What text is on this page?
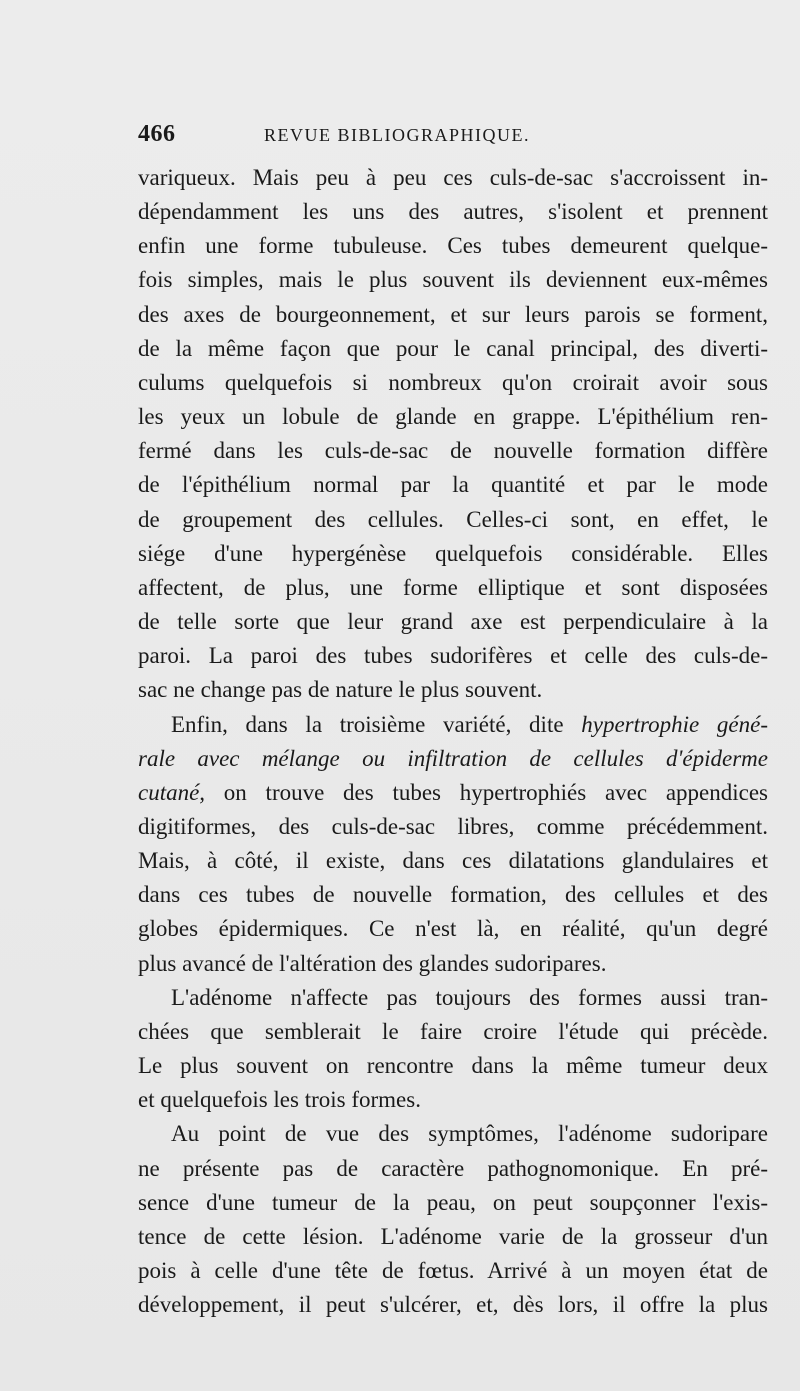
466	REVUE BIBLIOGRAPHIQUE.
variqueux. Mais peu à peu ces culs-de-sac s'accroissent in-
dépendamment les uns des autres, s'isolent et prennent
enfin une forme tubuleuse. Ces tubes demeurent quelque-
fois simples, mais le plus souvent ils deviennent eux-mêmes
des axes de bourgeonnement, et sur leurs parois se forment,
de la même façon que pour le canal principal, des diverti-
culums quelquefois si nombreux qu'on croirait avoir sous
les yeux un lobule de glande en grappe. L'épithélium ren-
fermé dans les culs-de-sac de nouvelle formation diffère
de l'épithélium normal par la quantité et par le mode
de groupement des cellules. Celles-ci sont, en effet, le
siége d'une hypergénèse quelquefois considérable. Elles
affectent, de plus, une forme elliptique et sont disposées
de telle sorte que leur grand axe est perpendiculaire à la
paroi. La paroi des tubes sudorifères et celle des culs-de-
sac ne change pas de nature le plus souvent.
Enfin, dans la troisième variété, dite hypertrophie géné-
rale avec mélange ou infiltration de cellules d'épiderme
cutané, on trouve des tubes hypertrophiés avec appendices
digitiformes, des culs-de-sac libres, comme précédemment.
Mais, à côté, il existe, dans ces dilatations glandulaires et
dans ces tubes de nouvelle formation, des cellules et des
globes épidermiques. Ce n'est là, en réalité, qu'un degré
plus avancé de l'altération des glandes sudoripares.
L'adénome n'affecte pas toujours des formes aussi tran-
chées que semblerait le faire croire l'étude qui précède.
Le plus souvent on rencontre dans la même tumeur deux
et quelquefois les trois formes.
Au point de vue des symptômes, l'adénome sudoripare
ne présente pas de caractère pathognomonique. En pré-
sence d'une tumeur de la peau, on peut soupçonner l'exis-
tence de cette lésion. L'adénome varie de la grosseur d'un
pois à celle d'une tête de fœtus. Arrivé à un moyen état de
développement, il peut s'ulcérer, et, dès lors, il offre la plus
